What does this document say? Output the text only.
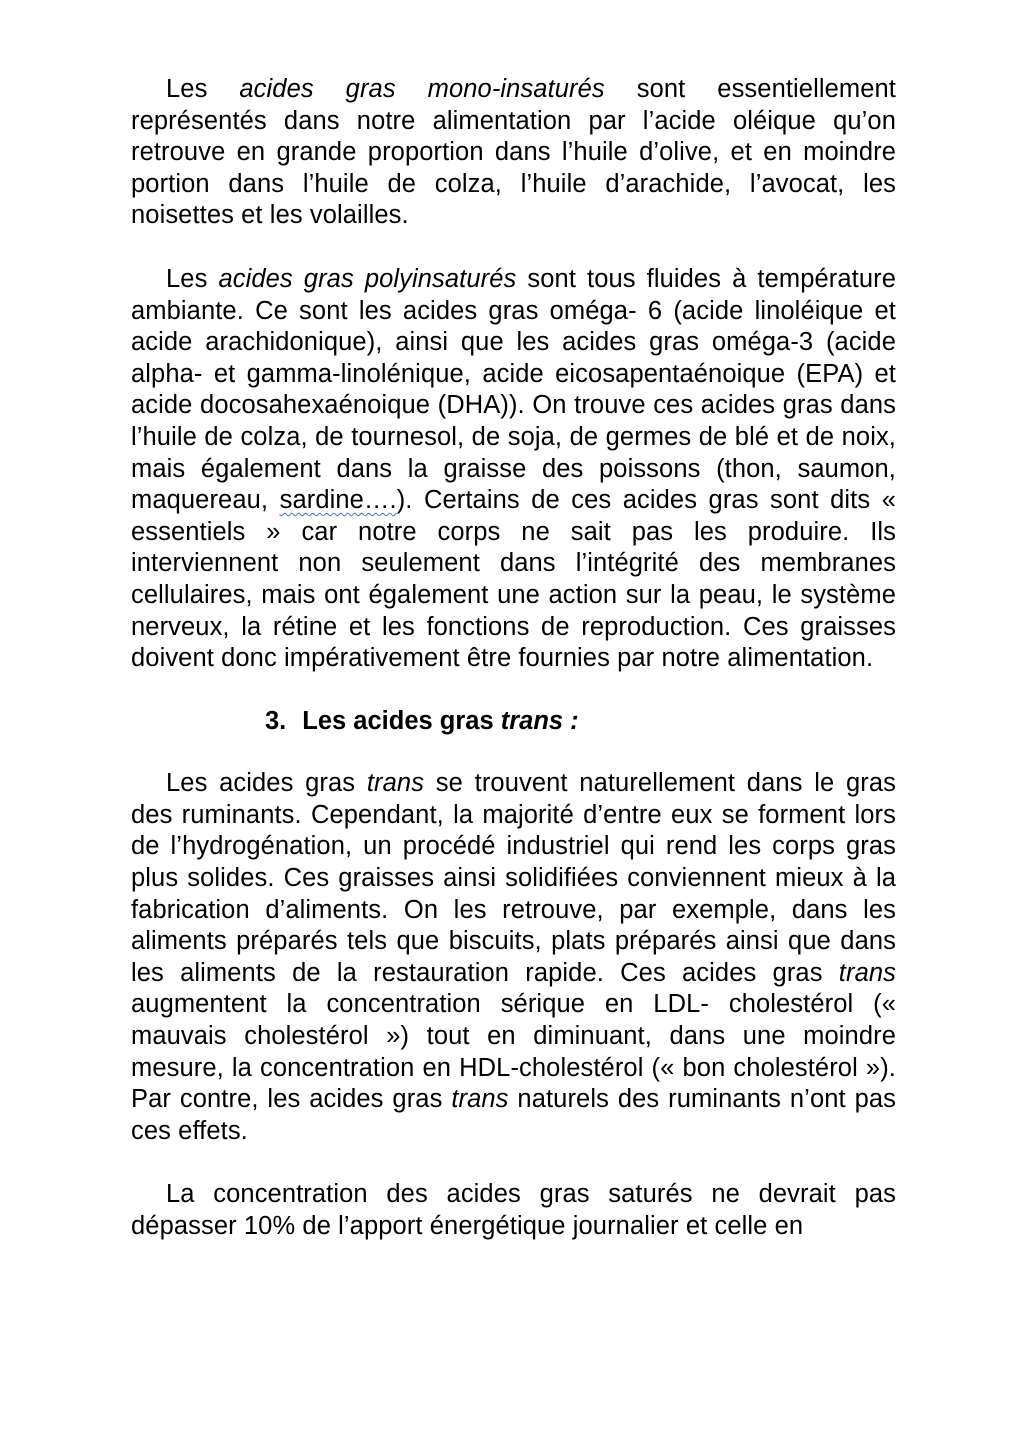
Les acides gras mono-insaturés sont essentiellement représentés dans notre alimentation par l’acide oléique qu’on retrouve en grande proportion dans l’huile d’olive, et en moindre portion dans l’huile de colza, l’huile d’arachide, l’avocat, les noisettes et les volailles.

Les acides gras polyinsaturés sont tous fluides à température ambiante. Ce sont les acides gras oméga- 6 (acide linoléique et acide arachidonique), ainsi que les acides gras oméga-3 (acide alpha- et gamma-linolénique, acide eicosapentaénoique (EPA) et acide docosahexaénoique (DHA)). On trouve ces acides gras dans l’huile de colza, de tournesol, de soja, de germes de blé et de noix, mais également dans la graisse des poissons (thon, saumon, maquereau, sardine….). Certains de ces acides gras sont dits « essentiels » car notre corps ne sait pas les produire. Ils interviennent non seulement dans l’intégrité des membranes cellulaires, mais ont également une action sur la peau, le système nerveux, la rétine et les fonctions de reproduction. Ces graisses doivent donc impérativement être fournies par notre alimentation.

3. Les acides gras trans :

Les acides gras trans se trouvent naturellement dans le gras des ruminants. Cependant, la majorité d’entre eux se forment lors de l’hydrogénation, un procédé industriel qui rend les corps gras plus solides. Ces graisses ainsi solidifiées conviennent mieux à la fabrication d’aliments. On les retrouve, par exemple, dans les aliments préparés tels que biscuits, plats préparés ainsi que dans les aliments de la restauration rapide. Ces acides gras trans augmentent la concentration sérique en LDL- cholestérol (« mauvais cholestérol ») tout en diminuant, dans une moindre mesure, la concentration en HDL-cholestérol (« bon cholestérol »). Par contre, les acides gras trans naturels des ruminants n’ont pas ces effets.

La concentration des acides gras saturés ne devrait pas dépasser 10% de l’apport énergétique journalier et celle en
